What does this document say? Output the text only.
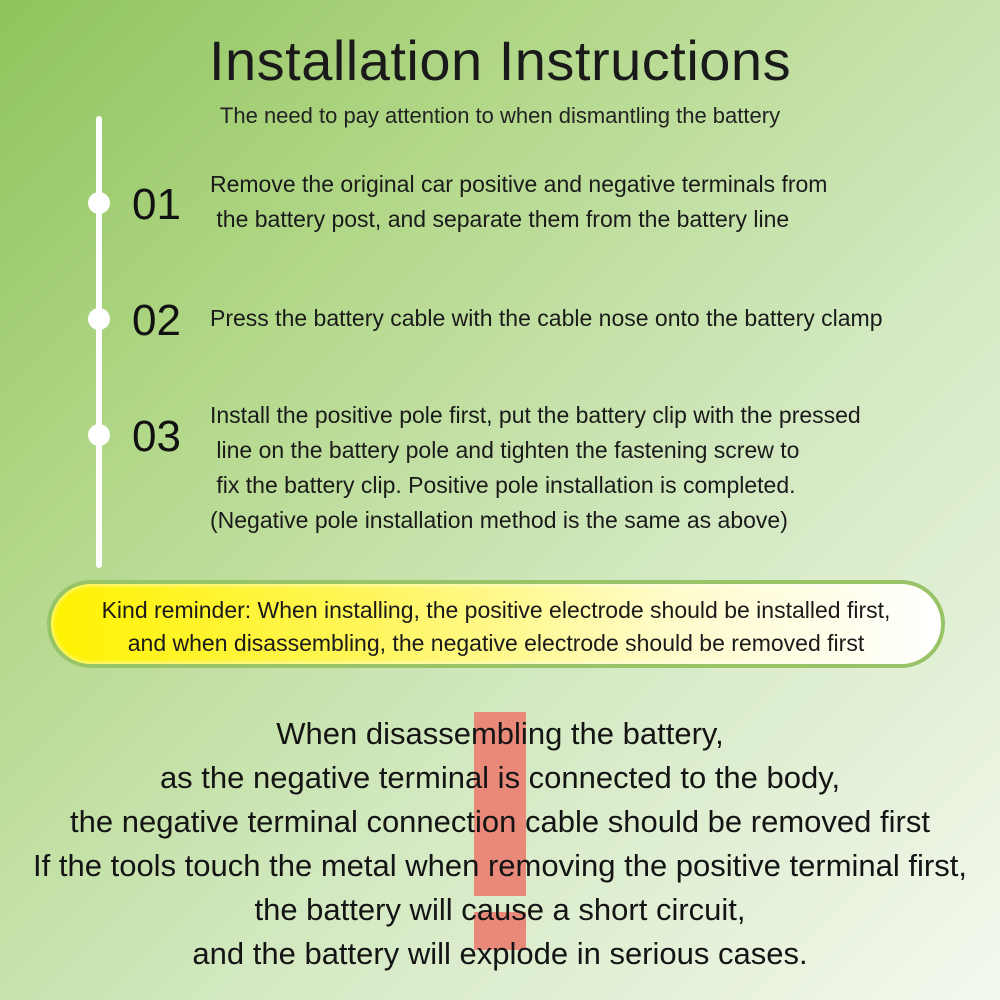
Installation Instructions
The need to pay attention to when dismantling the battery
01 Remove the original car positive and negative terminals from
the battery post, and separate them from the battery line
02 Press the battery cable with the cable nose onto the battery clamp
03 Install the positive pole first, put the battery clip with the pressed
line on the battery pole and tighten the fastening screw to
fix the battery clip. Positive pole installation is completed.
(Negative pole installation method is the same as above)
Kind reminder: When installing, the positive electrode should be installed first,
and when disassembling, the negative electrode should be removed first
When disassembling the battery,
as the negative terminal is connected to the body,
the negative terminal connection cable should be removed first
If the tools touch the metal when removing the positive terminal first,
the battery will cause a short circuit,
and the battery will explode in serious cases.
